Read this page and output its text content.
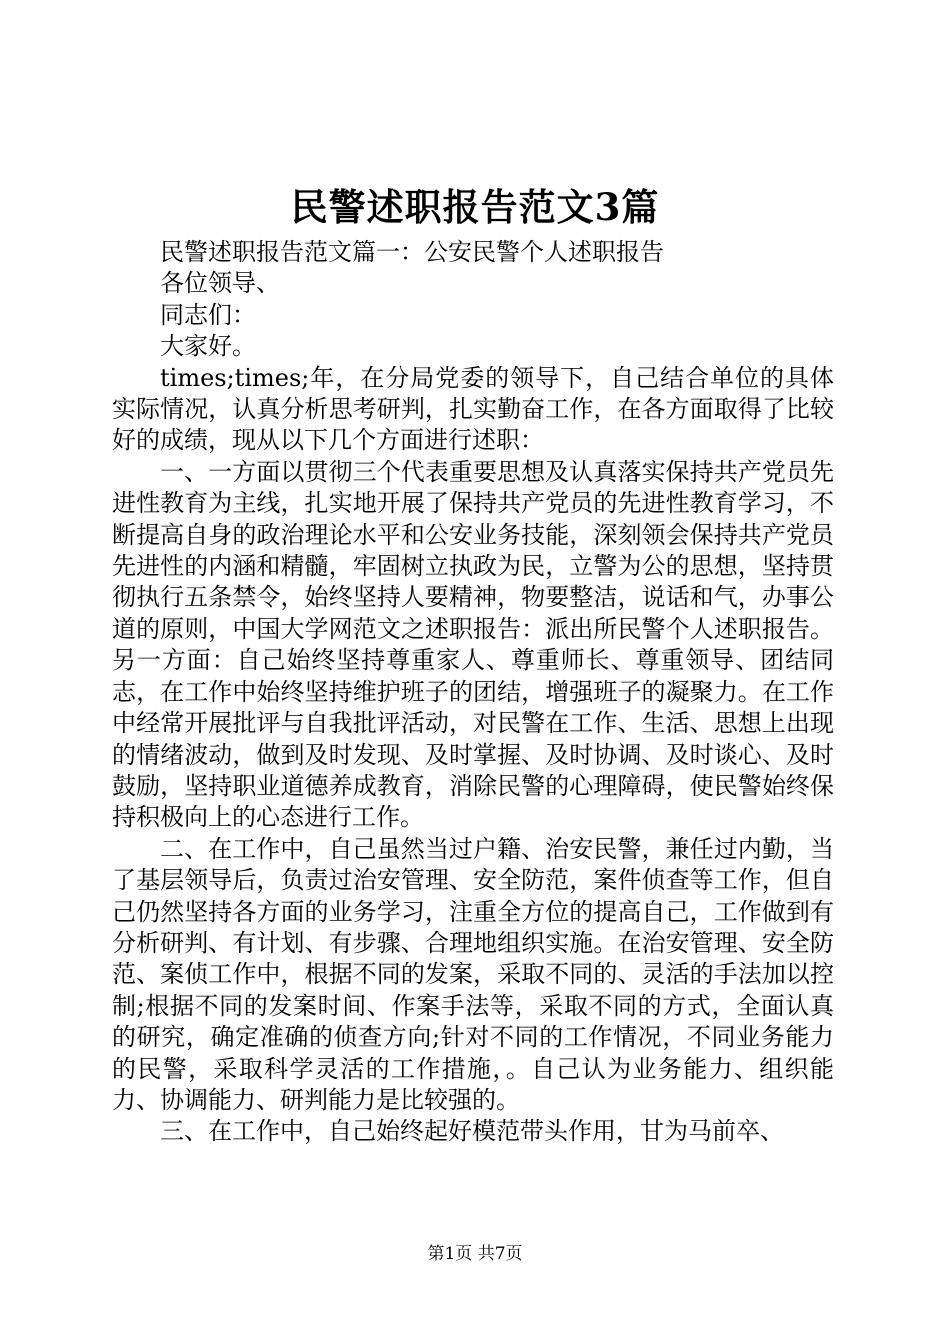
民警述职报告范文3篇

民警述职报告范文篇一：公安民警个人述职报告

各位领导、

同志们：

大家好。

times;times;年，在分局党委的领导下，自己结合单位的具体实际情况，认真分析思考研判，扎实勤奋工作，在各方面取得了比较好的成绩，现从以下几个方面进行述职：

一、一方面以贯彻三个代表重要思想及认真落实保持共产党员先进性教育为主线，扎实地开展了保持共产党员的先进性教育学习，不断提高自身的政治理论水平和公安业务技能，深刻领会保持共产党员先进性的内涵和精髓，牢固树立执政为民，立警为公的思想，坚持贯彻执行五条禁令，始终坚持人要精神，物要整洁，说话和气，办事公道的原则，中国大学网范文之述职报告：派出所民警个人述职报告。另一方面：自己始终坚持尊重家人、尊重师长、尊重领导、团结同志，在工作中始终坚持维护班子的团结，增强班子的凝聚力。在工作中经常开展批评与自我批评活动，对民警在工作、生活、思想上出现的情绪波动，做到及时发现、及时掌握、及时协调、及时谈心、及时鼓励，坚持职业道德养成教育，消除民警的心理障碍，使民警始终保持积极向上的心态进行工作。

二、在工作中，自己虽然当过户籍、治安民警，兼任过内勤，当了基层领导后，负责过治安管理、安全防范，案件侦查等工作，但自己仍然坚持各方面的业务学习，注重全方位的提高自己，工作做到有分析研判、有计划、有步骤、合理地组织实施。在治安管理、安全防范、案侦工作中，根据不同的发案，采取不同的、灵活的手法加以控制;根据不同的发案时间、作案手法等，采取不同的方式，全面认真的研究，确定准确的侦查方向;针对不同的工作情况，不同业务能力的民警，采取科学灵活的工作措施，。自己认为业务能力、组织能力、协调能力、研判能力是比较强的。

三、在工作中，自己始终起好模范带头作用，甘为马前卒、

第1页 共7页
